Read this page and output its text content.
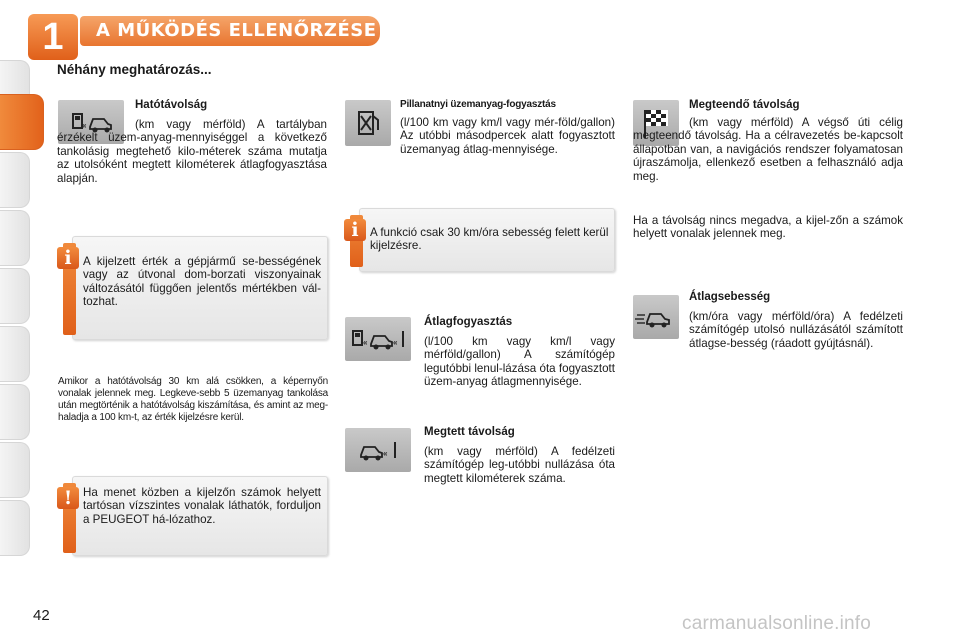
1	A MŰKÖDÉS ELLENŐRZÉSE
Néhány meghatározás...
«
Hatótávolság
(km vagy mérföld) A tartályban érzékelt üzem-anyag-mennyiséggel a következő tankolásig megtehető kilo-méterek száma mutatja az utolsóként megtett kilométerek átlagfogyasztása alapján.
i A kijelzett érték a gépjármű se-bességének vagy az útvonal dom-borzati viszonyainak változásától függően jelentős mértékben vál-tozhat.
Amikor a hatótávolság 30 km alá csökken, a képernyőn vonalak jelennek meg. Legkeve-sebb 5 üzemanyag tankolása után megtörténik a hatótávolság kiszámítása, és amint az meg-haladja a 100 km-t, az érték kijelzésre kerül.
! Ha menet közben a kijelzőn számok helyett tartósan vízszintes vonalak láthatók, forduljon a PEUGEOT há-lózathoz.
Pillanatnyi üzemanyag-fogyasztás
(l/100 km vagy km/l vagy mér-föld/gallon) Az utóbbi másodpercek alatt fogyasztott üzemanyag átlag-mennyisége.
i A funkció csak 30 km/óra sebesség felett kerül kijelzésre.
«	«
Átlagfogyasztás
(l/100 km vagy km/l vagy mérföld/gallon) A számítógép legutóbbi lenul-lázása óta fogyasztott üzem-anyag átlagmennyisége.
«
Megtett távolság
(km vagy mérföld) A fedélzeti számítógép leg-utóbbi nullázása óta megtett kilométerek száma.
Megteendő távolság
(km vagy mérföld) A végső úti célig megteendő távolság. Ha a célravezetés be-kapcsolt állapotban van, a navigációs rendszer folyamatosan újraszámolja, ellenkező esetben a felhasználó adja meg.
Ha a távolság nincs megadva, a kijel-zőn a számok helyett vonalak jelennek meg.
Átlagsebesség
(km/óra vagy mérföld/óra) A fedélzeti számítógép utolsó nullázásától számított átlagse-besség (ráadott gyújtásnál).
42	carmanualsonline.info
